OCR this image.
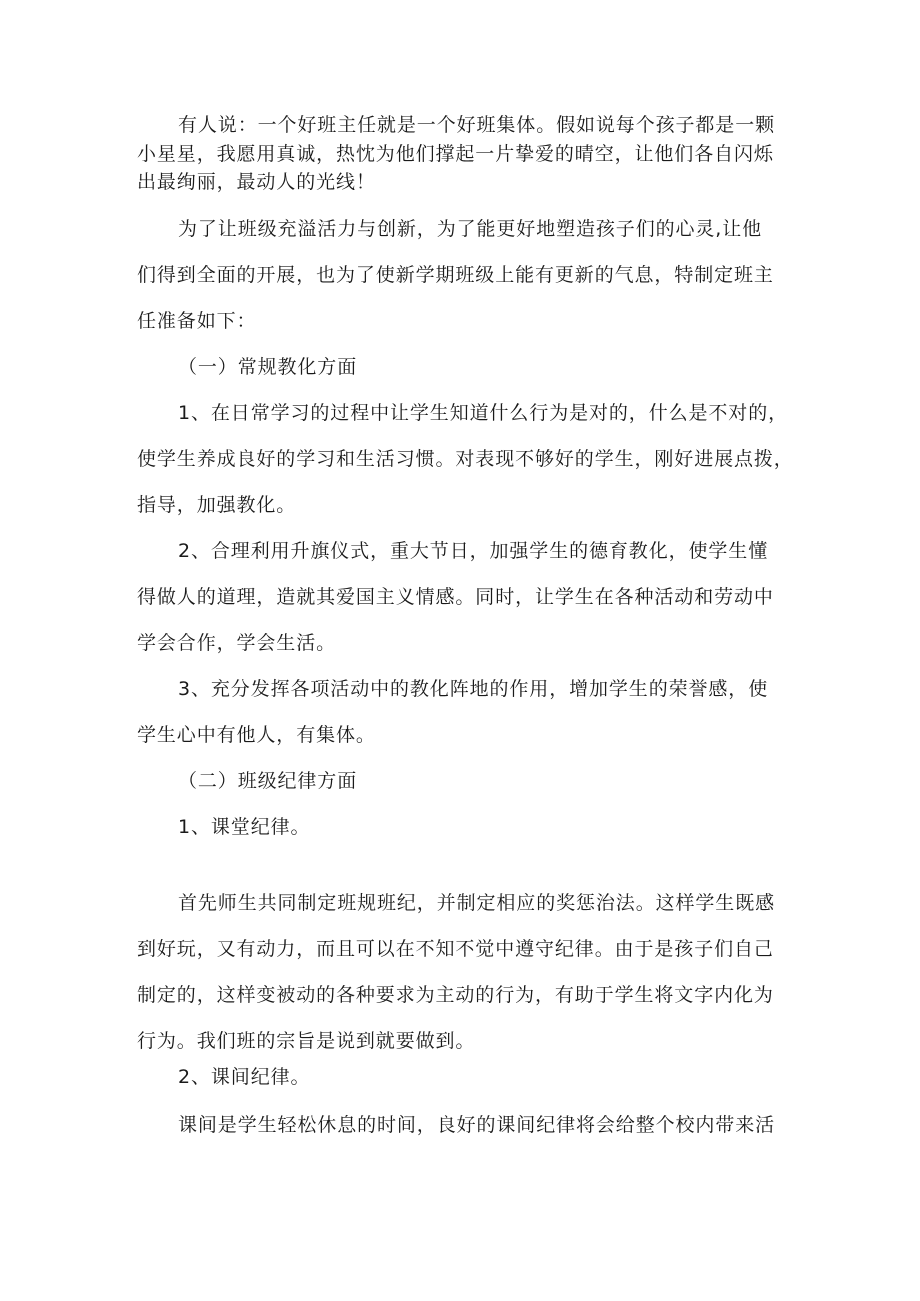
有人说：一个好班主任就是一个好班集体。假如说每个孩子都是一颗
小星星，我愿用真诚，热忱为他们撑起一片挚爱的晴空，让他们各自闪烁
出最绚丽，最动人的光线！
为了让班级充溢活力与创新，为了能更好地塑造孩子们的心灵,让他
们得到全面的开展，也为了使新学期班级上能有更新的气息，特制定班主
任准备如下：
（一）常规教化方面
1、在日常学习的过程中让学生知道什么行为是对的，什么是不对的，
使学生养成良好的学习和生活习惯。对表现不够好的学生，刚好进展点拨，
指导，加强教化。
2、合理利用升旗仪式，重大节日，加强学生的德育教化，使学生懂
得做人的道理，造就其爱国主义情感。同时，让学生在各种活动和劳动中
学会合作，学会生活。
3、充分发挥各项活动中的教化阵地的作用，增加学生的荣誉感，使
学生心中有他人，有集体。
（二）班级纪律方面
1、课堂纪律。
首先师生共同制定班规班纪，并制定相应的奖惩治法。这样学生既感
到好玩，又有动力，而且可以在不知不觉中遵守纪律。由于是孩子们自己
制定的，这样变被动的各种要求为主动的行为，有助于学生将文字内化为
行为。我们班的宗旨是说到就要做到。
2、课间纪律。
课间是学生轻松休息的时间，良好的课间纪律将会给整个校内带来活
